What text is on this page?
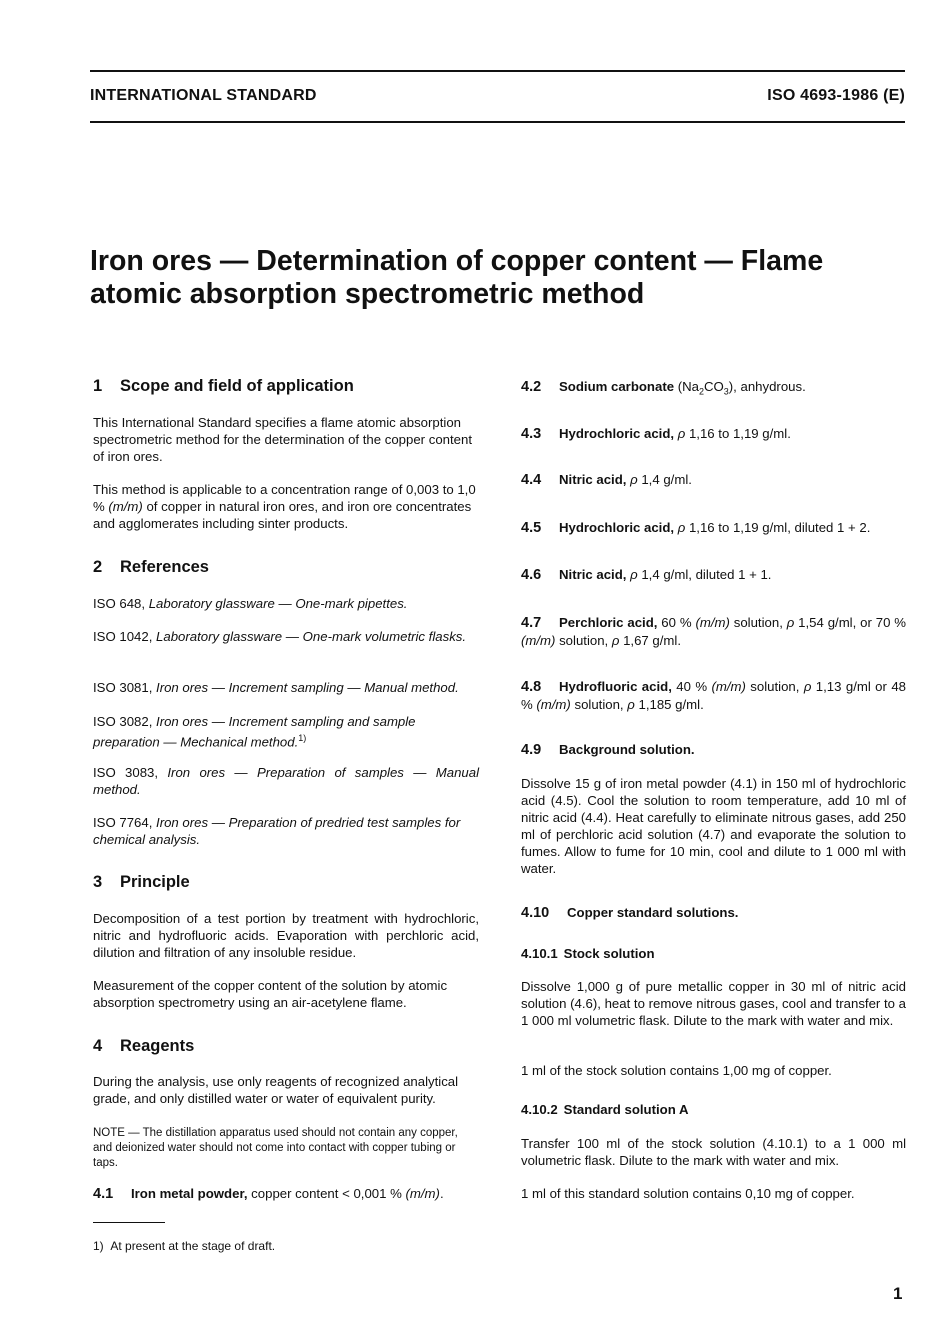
INTERNATIONAL STANDARD	ISO 4693-1986 (E)
Iron ores — Determination of copper content — Flame
atomic absorption spectrometric method
1 Scope and field of application
This International Standard specifies a flame atomic absorption spectrometric method for the determination of the copper content of iron ores.
This method is applicable to a concentration range of 0,003 to 1,0 % (m/m) of copper in natural iron ores, and iron ore concentrates and agglomerates including sinter products.
2 References
ISO 648, Laboratory glassware — One-mark pipettes.
ISO 1042, Laboratory glassware — One-mark volumetric flasks.
ISO 3081, Iron ores — Increment sampling — Manual method.
ISO 3082, Iron ores — Increment sampling and sample preparation — Mechanical method.$^{1)}$
ISO 3083, Iron ores — Preparation of samples — Manual method.
ISO 7764, Iron ores — Preparation of predried test samples for chemical analysis.
3 Principle
Decomposition of a test portion by treatment with hydrochloric, nitric and hydrofluoric acids. Evaporation with perchloric acid, dilution and filtration of any insoluble residue.
Measurement of the copper content of the solution by atomic absorption spectrometry using an air-acetylene flame.
4 Reagents
During the analysis, use only reagents of recognized analytical grade, and only distilled water or water of equivalent purity.
NOTE — The distillation apparatus used should not contain any copper, and deionized water should not come into contact with copper tubing or taps.
4.1 Iron metal powder, copper content < 0,001 % (m/m).
4.2 Sodium carbonate $(Na_2CO_3)$, anhydrous.
4.3 Hydrochloric acid, ρ 1,16 to 1,19 g/ml.
4.4 Nitric acid, ρ 1,4 g/ml.
4.5 Hydrochloric acid, ρ 1,16 to 1,19 g/ml, diluted 1 + 2.
4.6 Nitric acid, ρ 1,4 g/ml, diluted 1 + 1.
4.7 Perchloric acid, 60 % (m/m) solution, ρ 1,54 g/ml, or 70 % (m/m) solution, ρ 1,67 g/ml.
4.8 Hydrofluoric acid, 40 % (m/m) solution, ρ 1,13 g/ml or 48 % (m/m) solution, ρ 1,185 g/ml.
4.9 Background solution.
Dissolve 15 g of iron metal powder (4.1) in 150 ml of hydrochloric acid (4.5). Cool the solution to room temperature, add 10 ml of nitric acid (4.4). Heat carefully to eliminate nitrous gases, add 250 ml of perchloric acid solution (4.7) and evaporate the solution to fumes. Allow to fume for 10 min, cool and dilute to 1 000 ml with water.
4.10 Copper standard solutions.
4.10.1 Stock solution
Dissolve 1,000 g of pure metallic copper in 30 ml of nitric acid solution (4.6), heat to remove nitrous gases, cool and transfer to a 1 000 ml volumetric flask. Dilute to the mark with water and mix.
1 ml of the stock solution contains 1,00 mg of copper.
4.10.2 Standard solution A
Transfer 100 ml of the stock solution (4.10.1) to a 1 000 ml volumetric flask. Dilute to the mark with water and mix.
1 ml of this standard solution contains 0,10 mg of copper.
1) At present at the stage of draft.
1
